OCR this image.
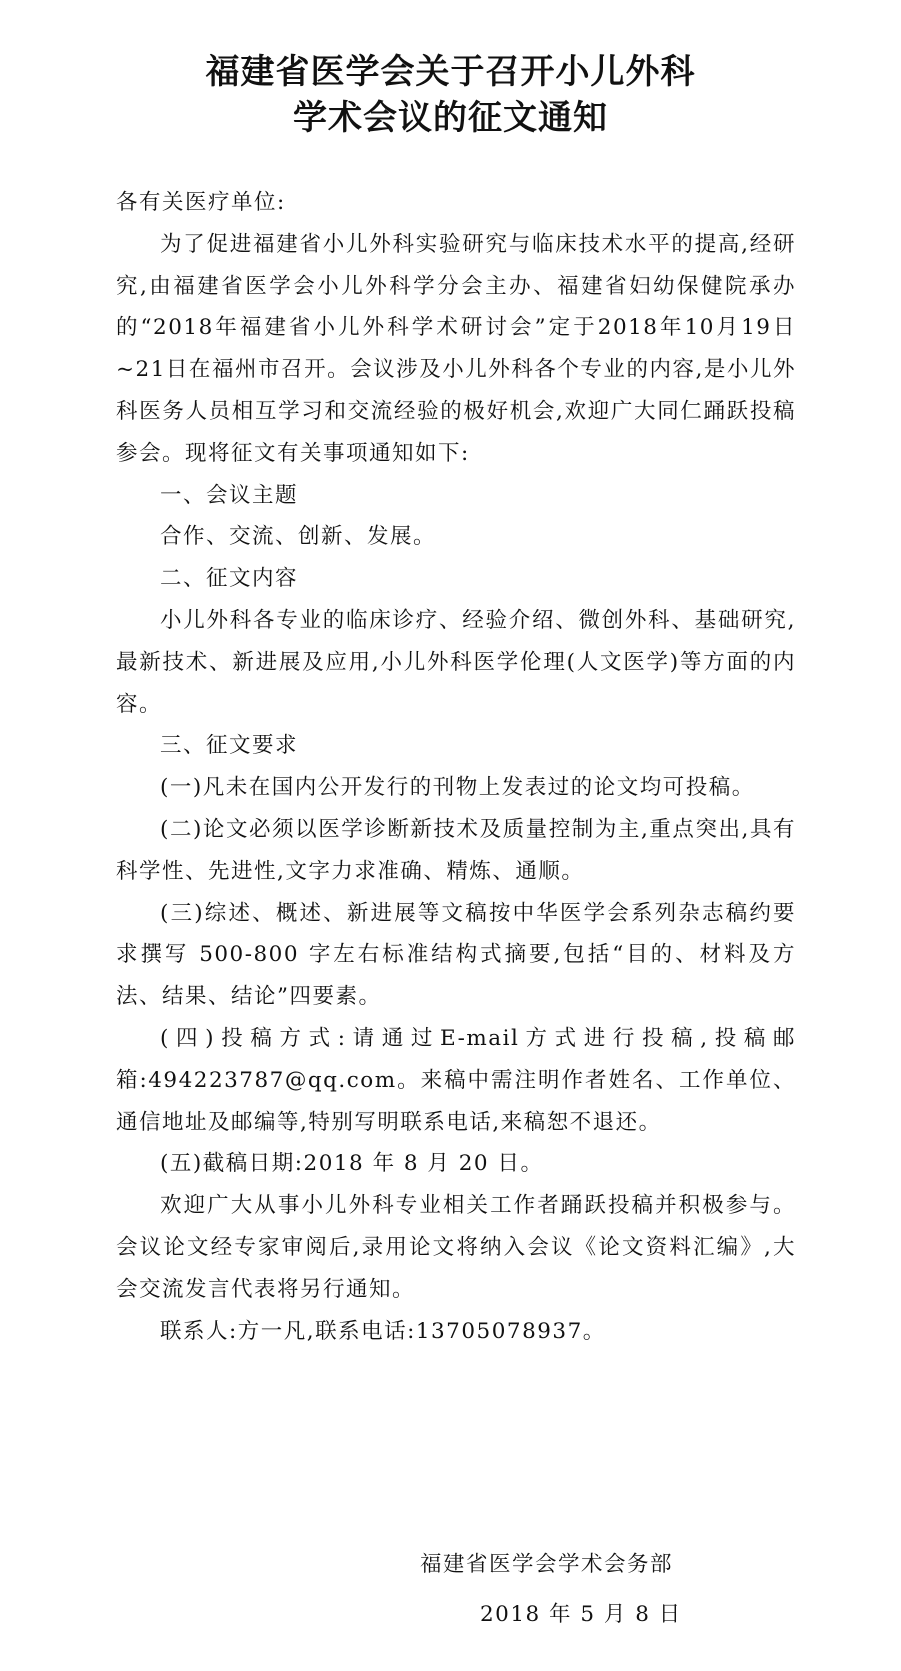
福建省医学会关于召开小儿外科
学术会议的征文通知

各有关医疗单位:

为了促进福建省小儿外科实验研究与临床技术水平的提高,经研究,由福建省医学会小儿外科学分会主办、福建省妇幼保健院承办的“2018年福建省小儿外科学术研讨会”定于2018年10月19日~21日在福州市召开。会议涉及小儿外科各个专业的内容,是小儿外科医务人员相互学习和交流经验的极好机会,欢迎广大同仁踊跃投稿参会。现将征文有关事项通知如下:

一、会议主题

合作、交流、创新、发展。

二、征文内容

小儿外科各专业的临床诊疗、经验介绍、微创外科、基础研究,最新技术、新进展及应用,小儿外科医学伦理(人文医学)等方面的内容。

三、征文要求

(一)凡未在国内公开发行的刊物上发表过的论文均可投稿。

(二)论文必须以医学诊断新技术及质量控制为主,重点突出,具有科学性、先进性,文字力求准确、精炼、通顺。

(三)综述、概述、新进展等文稿按中华医学会系列杂志稿约要求撰写 500-800 字左右标准结构式摘要,包括“目的、材料及方法、结果、结论”四要素。

(四)投稿方式:请通过E-mail方式进行投稿,投稿邮箱:494223787@qq.com。来稿中需注明作者姓名、工作单位、通信地址及邮编等,特别写明联系电话,来稿恕不退还。

(五)截稿日期:2018 年 8 月 20 日。

欢迎广大从事小儿外科专业相关工作者踊跃投稿并积极参与。会议论文经专家审阅后,录用论文将纳入会议《论文资料汇编》,大会交流发言代表将另行通知。

联系人:方一凡,联系电话:13705078937。

福建省医学会学术会务部
2018 年 5 月 8 日
